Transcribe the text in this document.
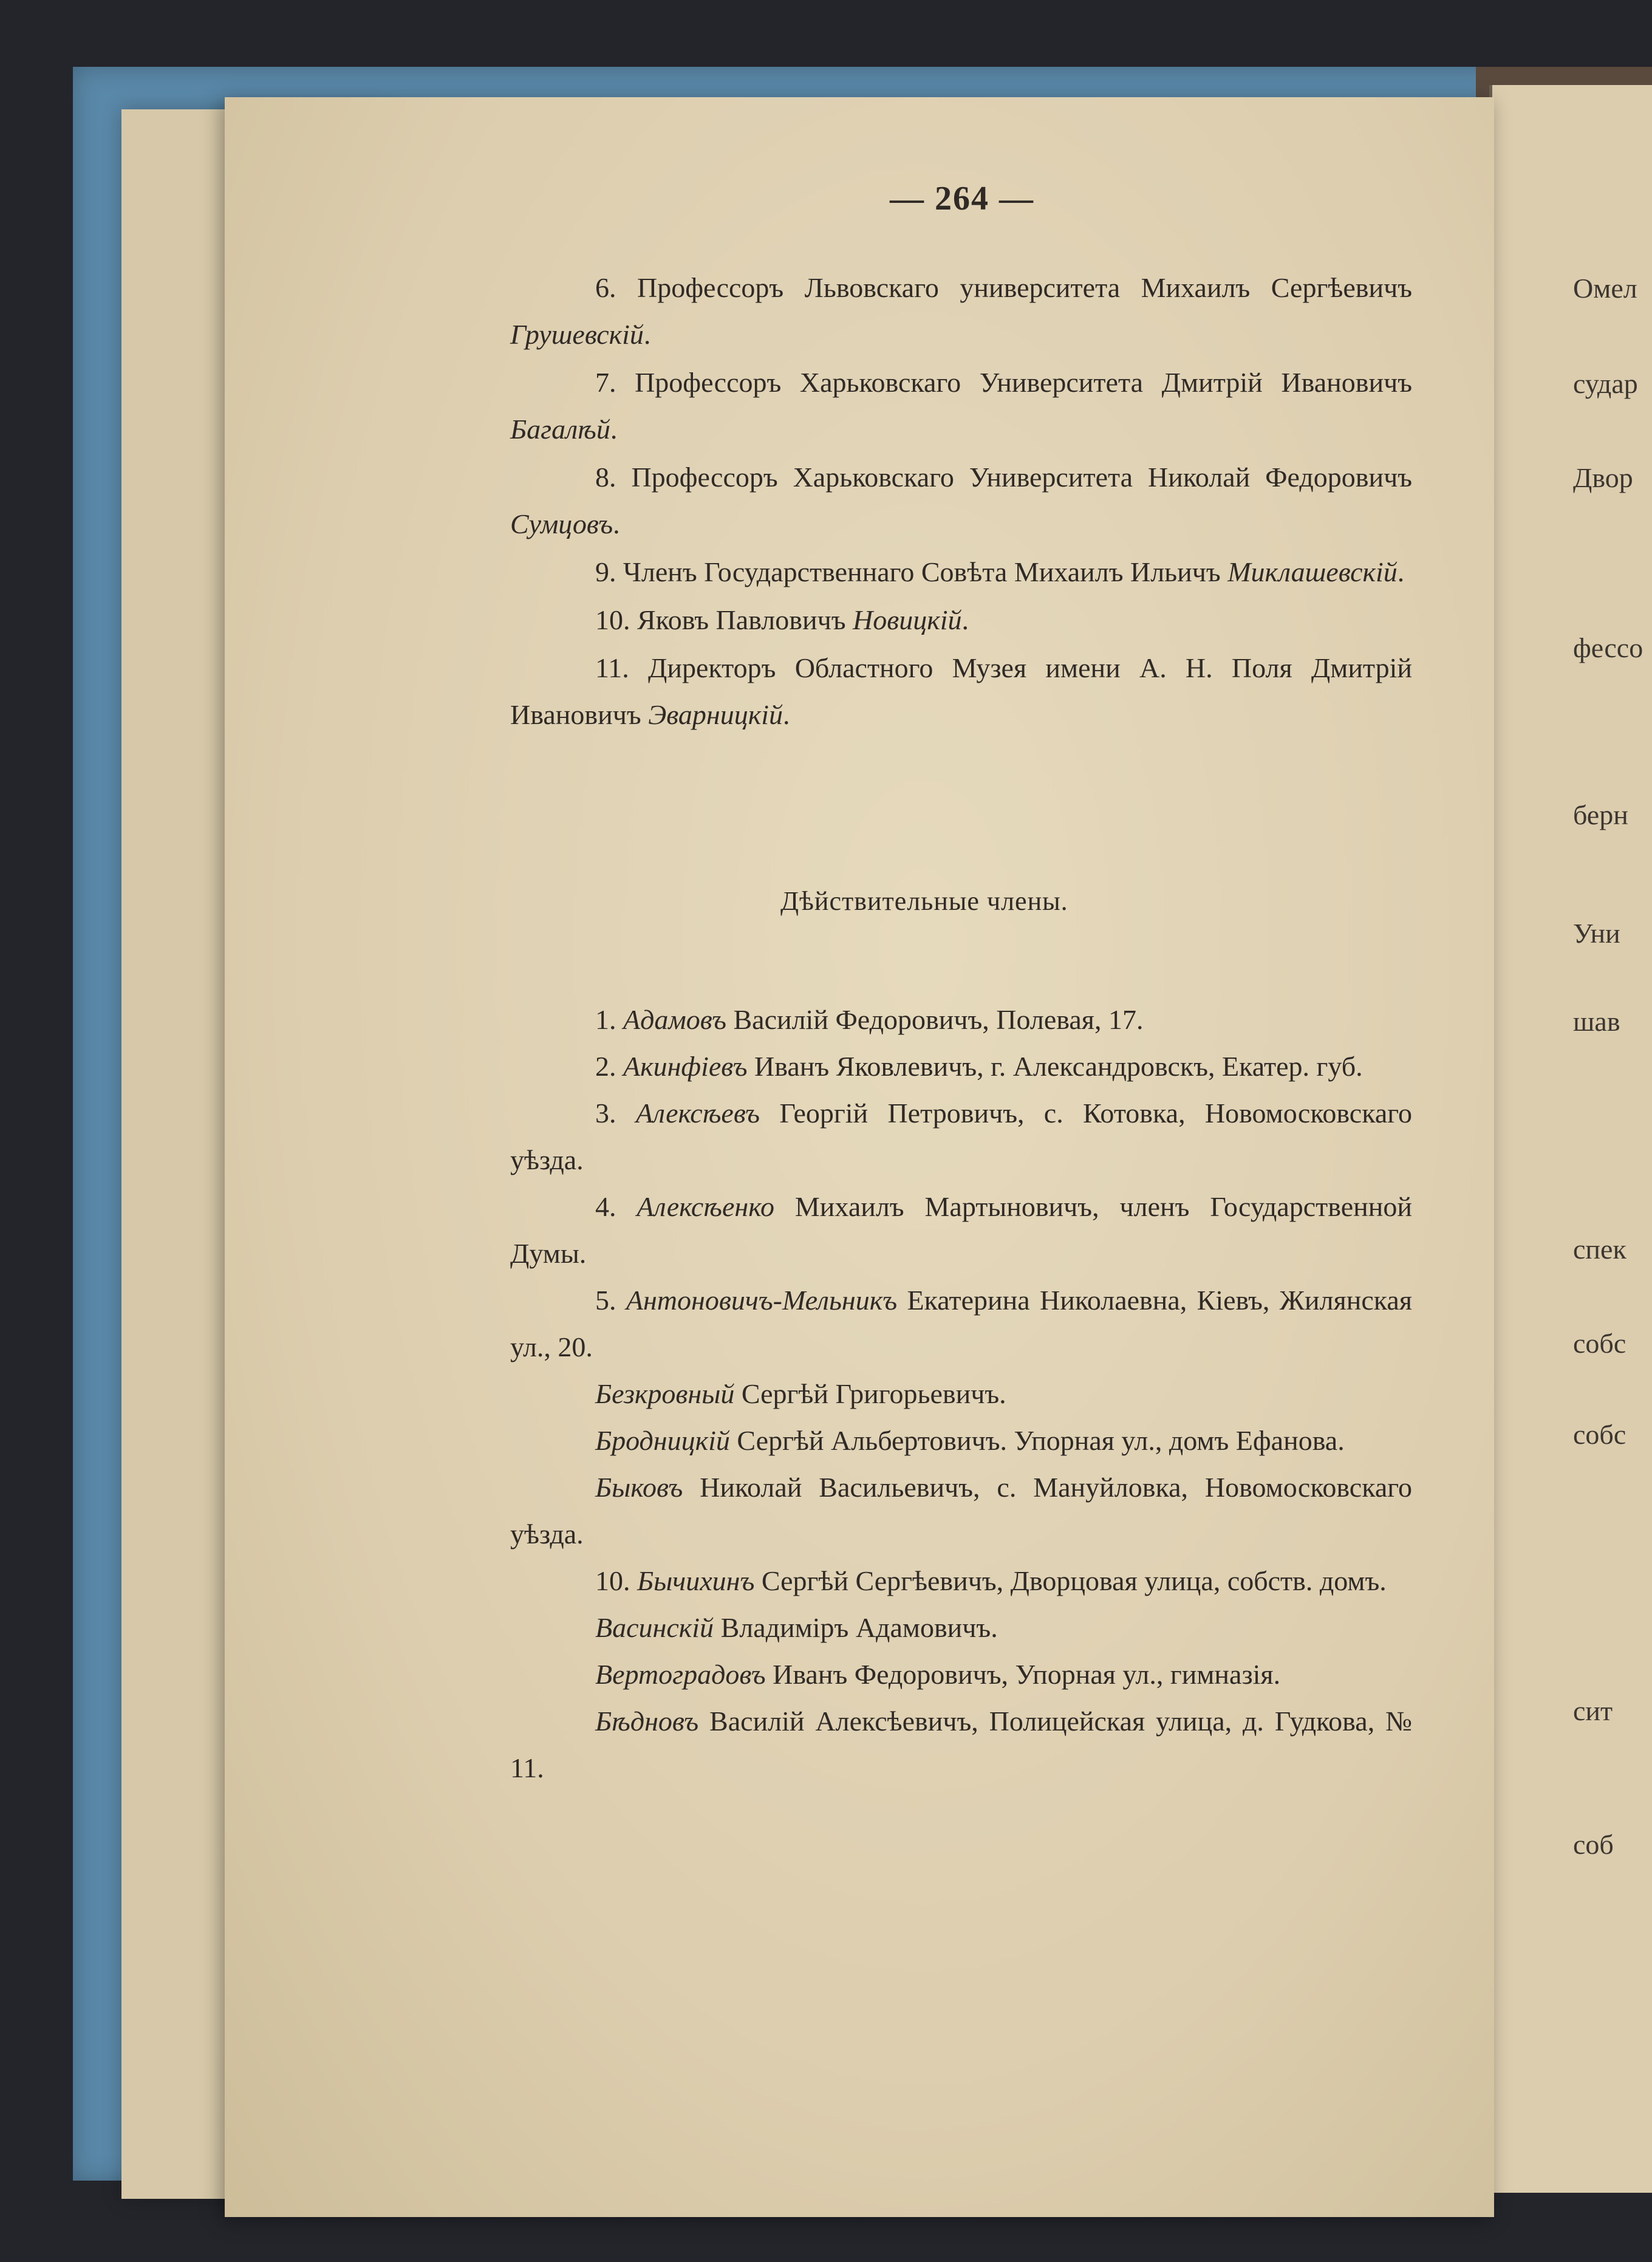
Омел
судар
Двор
фессо
берн
Уни
шав
спек
собс
собс
сит
соб
— 264 —

6. Профессоръ Львовскаго университета Михаилъ Сергѣевичъ Грушевскій.

7. Профессоръ Харьковскаго Университета Дмитрій Ивановичъ Багалѣй.

8. Профессоръ Харьковскаго Университета Николай Федоровичъ Сумцовъ.

9. Членъ Государственнаго Совѣта Михаилъ Ильичъ Миклашевскій.

10. Яковъ Павловичъ Новицкій.

11. Директоръ Областного Музея имени А. Н. Поля Дмитрій Ивановичъ Эварницкій.

Дѣйствительные члены.

1. Адамовъ Василій Федоровичъ, Полевая, 17.

2. Акинфіевъ Иванъ Яковлевичъ, г. Александровскъ, Екатер. губ.

3. Алексѣевъ Георгій Петровичъ, с. Котовка, Новомосковскаго уѣзда.

4. Алексѣенко Михаилъ Мартыновичъ, членъ Государственной Думы.

5. Антоновичъ-Мельникъ Екатерина Николаевна, Кіевъ, Жилянская ул., 20.

Безкровный Сергѣй Григорьевичъ.

Бродницкій Сергѣй Альбертовичъ. Упорная ул., домъ Ефанова.

Быковъ Николай Васильевичъ, с. Мануйловка, Новомосковскаго уѣзда.

10. Бычихинъ Сергѣй Сергѣевичъ, Дворцовая улица, собств. домъ.

Васинскій Владиміръ Адамовичъ.

Вертоградовъ Иванъ Федоровичъ, Упорная ул., гимназія.

Бѣдновъ Василій Алексѣевичъ, Полицейская улица, д. Гудкова, № 11.
